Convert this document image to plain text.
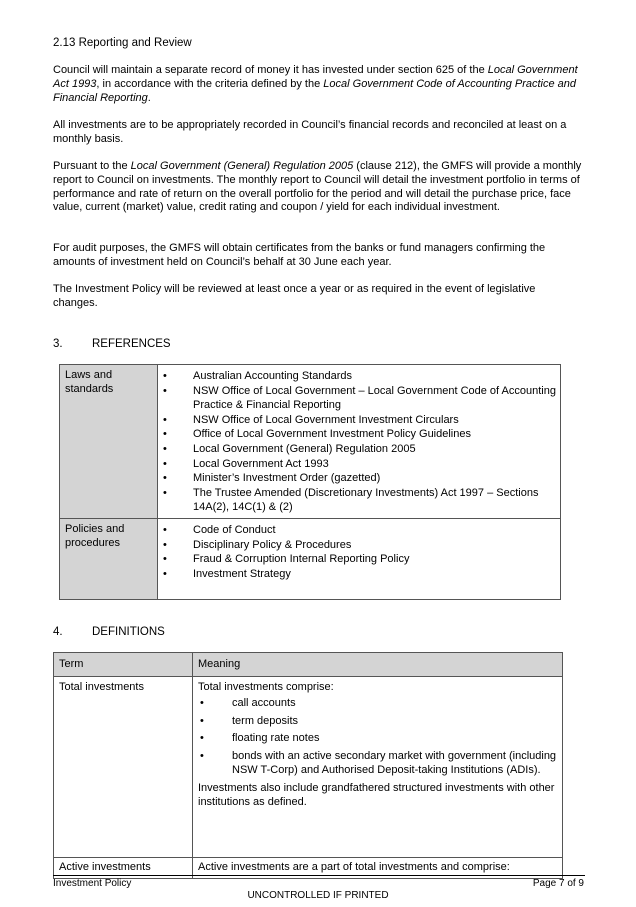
2.13 Reporting and Review

Council will maintain a separate record of money it has invested under section 625 of the Local Government Act 1993, in accordance with the criteria defined by the Local Government Code of Accounting Practice and Financial Reporting.

All investments are to be appropriately recorded in Council’s financial records and reconciled at least on a monthly basis.

Pursuant to the Local Government (General) Regulation 2005 (clause 212), the GMFS will provide a monthly report to Council on investments. The monthly report to Council will detail the investment portfolio in terms of performance and rate of return on the overall portfolio for the period and will detail the purchase price, face value, current (market) value, credit rating and coupon / yield for each individual investment.

For audit purposes, the GMFS will obtain certificates from the banks or fund managers confirming the amounts of investment held on Council’s behalf at 30 June each year.

The Investment Policy will be reviewed at least once a year or as required in the event of legislative changes.

3.	REFERENCES
Laws and standards
• Australian Accounting Standards
• NSW Office of Local Government – Local Government Code of Accounting Practice & Financial Reporting
• NSW Office of Local Government Investment Circulars
• Office of Local Government Investment Policy Guidelines
• Local Government (General) Regulation 2005
• Local Government Act 1993
• Minister’s Investment Order (gazetted)
• The Trustee Amended (Discretionary Investments) Act 1997 – Sections 14A(2), 14C(1) & (2)
Policies and procedures
• Code of Conduct
• Disciplinary Policy & Procedures
• Fraud & Corruption Internal Reporting Policy
• Investment Strategy
4.	DEFINITIONS
Term	Meaning
Total investments	Total investments comprise:
•	call accounts
•	term deposits
•	floating rate notes
•	bonds with an active secondary market with government (including NSW T-Corp) and Authorised Deposit-taking Institutions (ADIs).
Investments also include grandfathered structured investments with other institutions as defined.
Active investments	Active investments are a part of total investments and comprise:
Investment Policy	Page 7 of 9
UNCONTROLLED IF PRINTED
